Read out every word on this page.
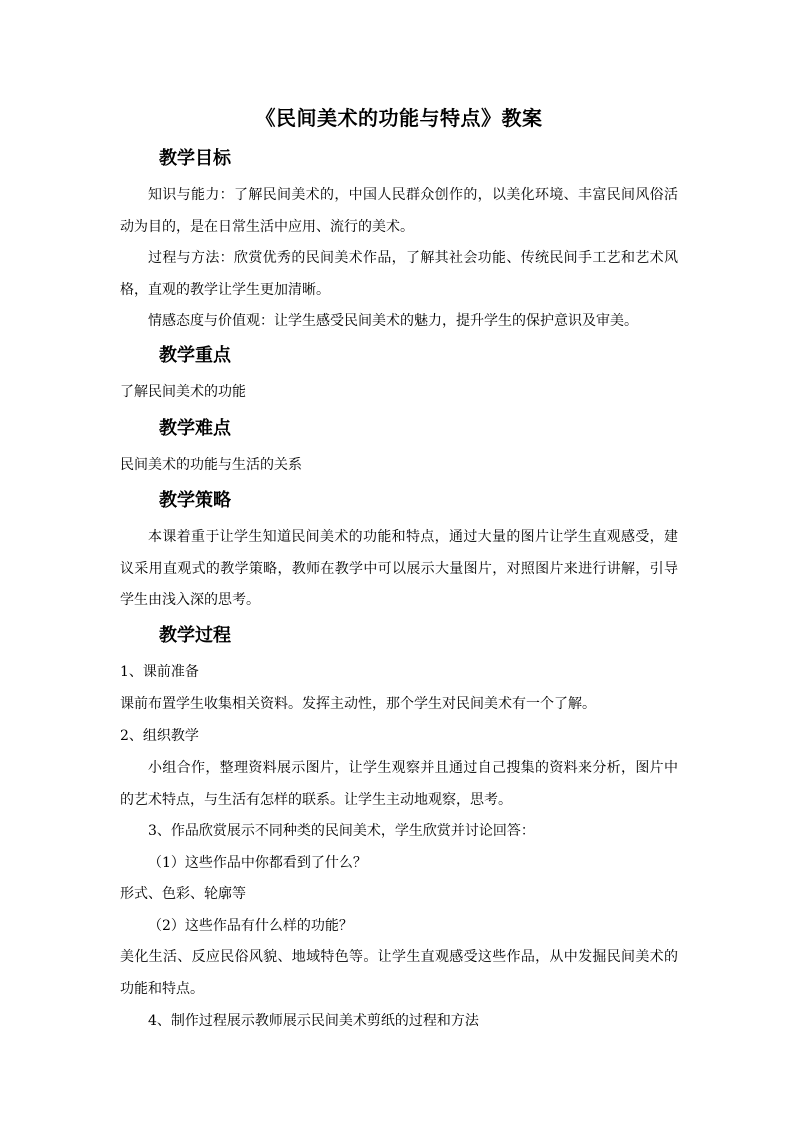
《民间美术的功能与特点》教案
教学目标
知识与能力：了解民间美术的，中国人民群众创作的，以美化环境、丰富民间风俗活动为目的，是在日常生活中应用、流行的美术。
过程与方法：欣赏优秀的民间美术作品，了解其社会功能、传统民间手工艺和艺术风格，直观的教学让学生更加清晰。
情感态度与价值观：让学生感受民间美术的魅力，提升学生的保护意识及审美。
教学重点
了解民间美术的功能
教学难点
民间美术的功能与生活的关系
教学策略
本课着重于让学生知道民间美术的功能和特点，通过大量的图片让学生直观感受，建议采用直观式的教学策略，教师在教学中可以展示大量图片，对照图片来进行讲解，引导学生由浅入深的思考。
教学过程
1、课前准备
课前布置学生收集相关资料。发挥主动性，那个学生对民间美术有一个了解。
2、组织教学
小组合作，整理资料展示图片，让学生观察并且通过自己搜集的资料来分析，图片中的艺术特点，与生活有怎样的联系。让学生主动地观察，思考。
3、作品欣赏展示不同种类的民间美术，学生欣赏并讨论回答：
（1）这些作品中你都看到了什么？
形式、色彩、轮廓等
（2）这些作品有什么样的功能？
美化生活、反应民俗风貌、地域特色等。让学生直观感受这些作品，从中发掘民间美术的功能和特点。
4、制作过程展示教师展示民间美术剪纸的过程和方法
